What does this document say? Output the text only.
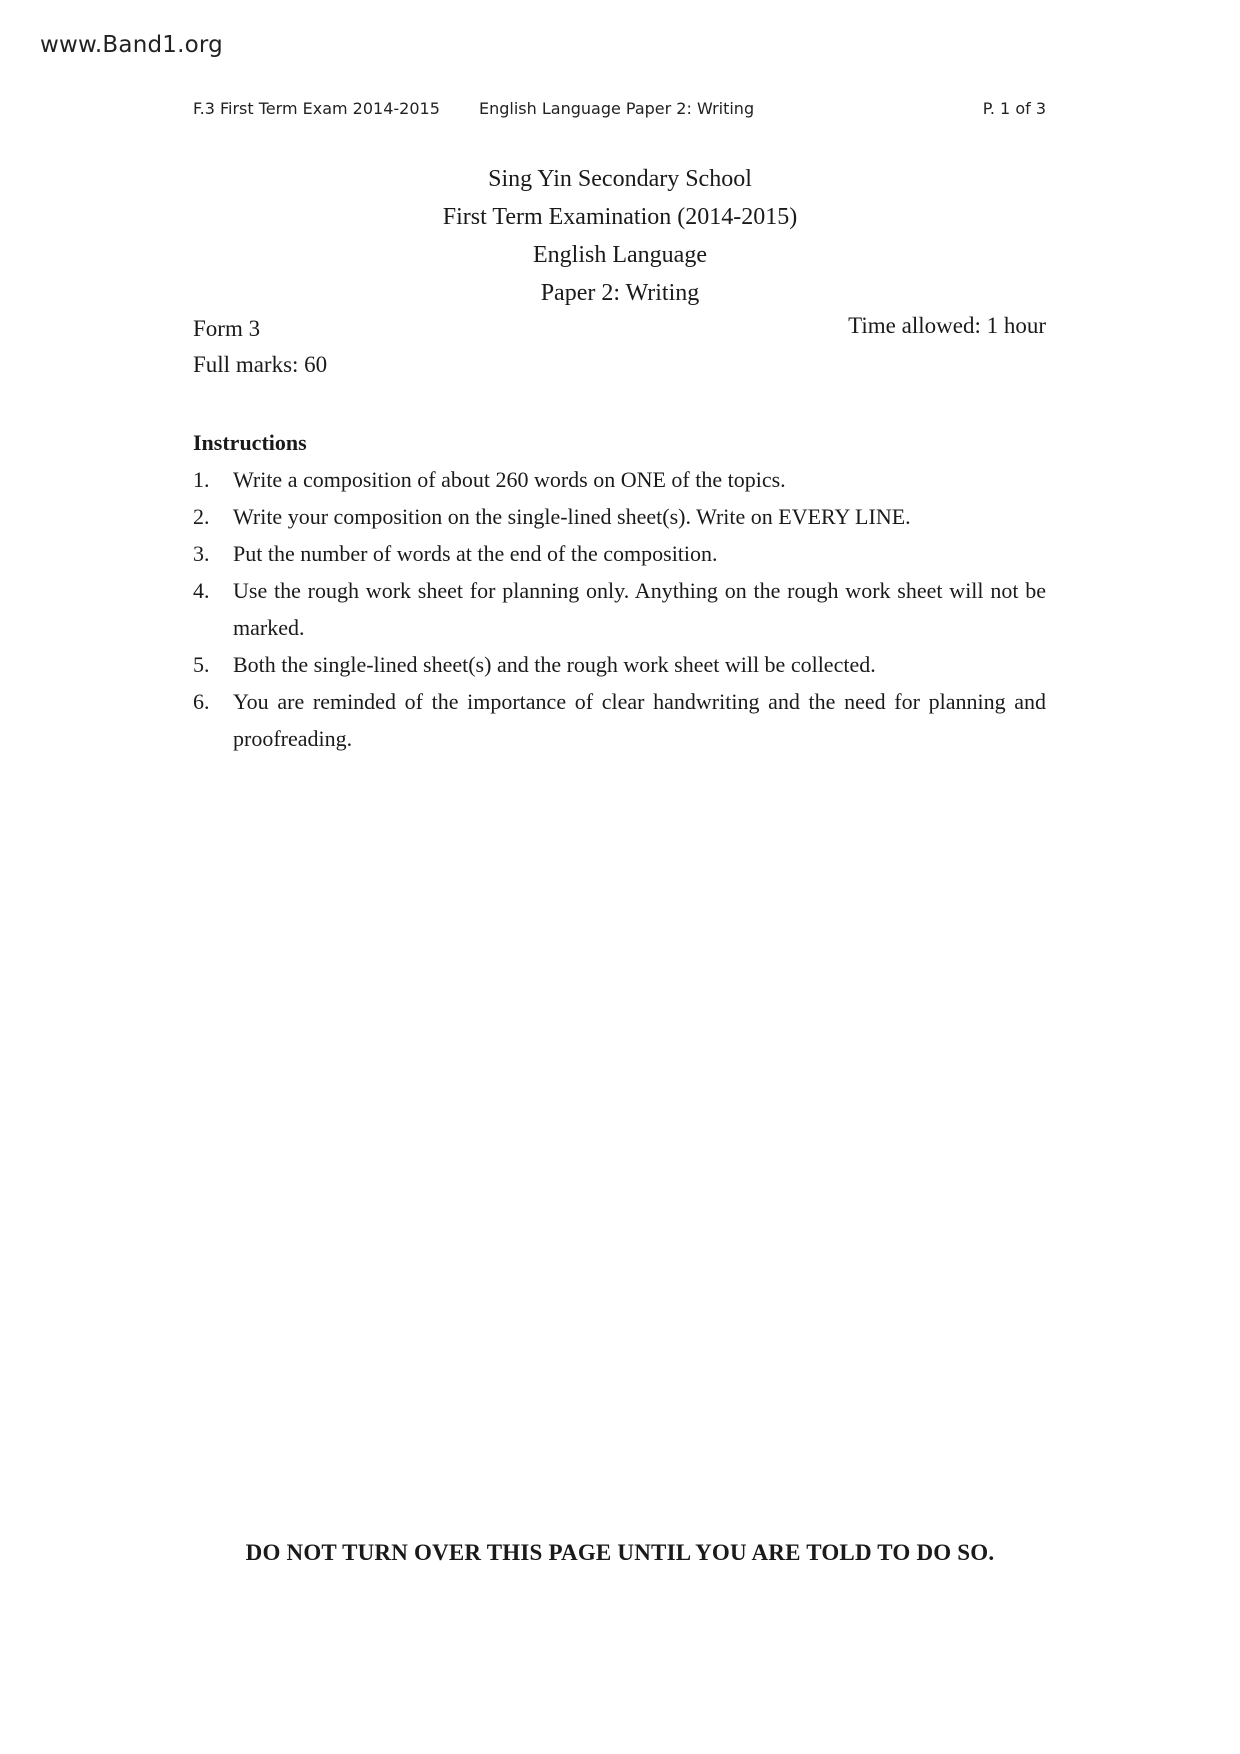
www.Band1.org
F.3 First Term Exam 2014-2015 English Language Paper 2: Writing	P. 1 of 3
Sing Yin Secondary School
First Term Examination (2014-2015)
English Language
Paper 2: Writing
Form 3
Full marks: 60
Time allowed: 1 hour

Instructions

1.	Write a composition of about 260 words on ONE of the topics.
2.	Write your composition on the single-lined sheet(s). Write on EVERY LINE.
3.	Put the number of words at the end of the composition.
4.	Use the rough work sheet for planning only. Anything on the rough work sheet will not be marked.
5.	Both the single-lined sheet(s) and the rough work sheet will be collected.
6.	You are reminded of the importance of clear handwriting and the need for planning and proofreading.
DO NOT TURN OVER THIS PAGE UNTIL YOU ARE TOLD TO DO SO.
